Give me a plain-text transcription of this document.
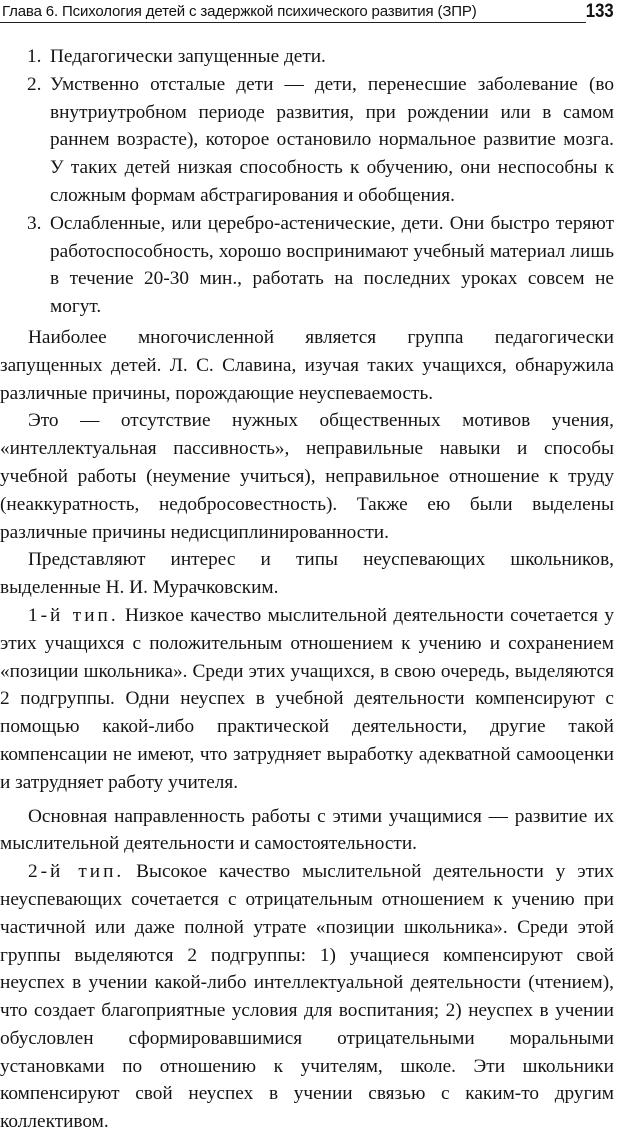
Глава 6. Психология детей с задержкой психического развития (ЗПР)	133

1. Педагогически запущенные дети.

2. Умственно отсталые дети — дети, перенесшие заболевание (во внутриутробном периоде развития, при рождении или в самом раннем возрасте), которое остановило нормальное развитие мозга. У таких детей низкая способность к обучению, они неспособны к сложным формам абстрагирования и обобщения.

3. Ослабленные, или церебро-астенические, дети. Они быстро теряют работоспособность, хорошо воспринимают учебный материал лишь в течение 20-30 мин., работать на последних уроках совсем не могут.

Наиболее многочисленной является группа педагогически запущенных детей. Л. С. Славина, изучая таких учащихся, обнаружила различные причины, порождающие неуспеваемость.

Это — отсутствие нужных общественных мотивов учения, «интеллектуальная пассивность», неправильные навыки и способы учебной работы (неумение учиться), неправильное отношение к труду (неаккуратность, недобросовестность). Также ею были выделены различные причины недисциплинированности.

Представляют интерес и типы неуспевающих школьников, выделенные Н. И. Мурачковским.

1-й тип. Низкое качество мыслительной деятельности сочетается у этих учащихся с положительным отношением к учению и сохранением «позиции школьника». Среди этих учащихся, в свою очередь, выделяются 2 подгруппы. Одни неуспех в учебной деятельности компенсируют с помощью какой-либо практической деятельности, другие такой компенсации не имеют, что затрудняет выработку адекватной самооценки и затрудняет работу учителя.

Основная направленность работы с этими учащимися — развитие их мыслительной деятельности и самостоятельности.

2-й тип. Высокое качество мыслительной деятельности у этих неуспевающих сочетается с отрицательным отношением к учению при частичной или даже полной утрате «позиции школьника». Среди этой группы выделяются 2 подгруппы: 1) учащиеся компенсируют свой неуспех в учении какой-либо интеллектуальной деятельности (чтением), что создает благоприятные условия для воспитания; 2) неуспех в учении обусловлен сформировавшимися отрицательными моральными установками по отношению к учителям, школе. Эти школьники компенсируют свой неуспех в учении связью с каким-то другим коллективом.
